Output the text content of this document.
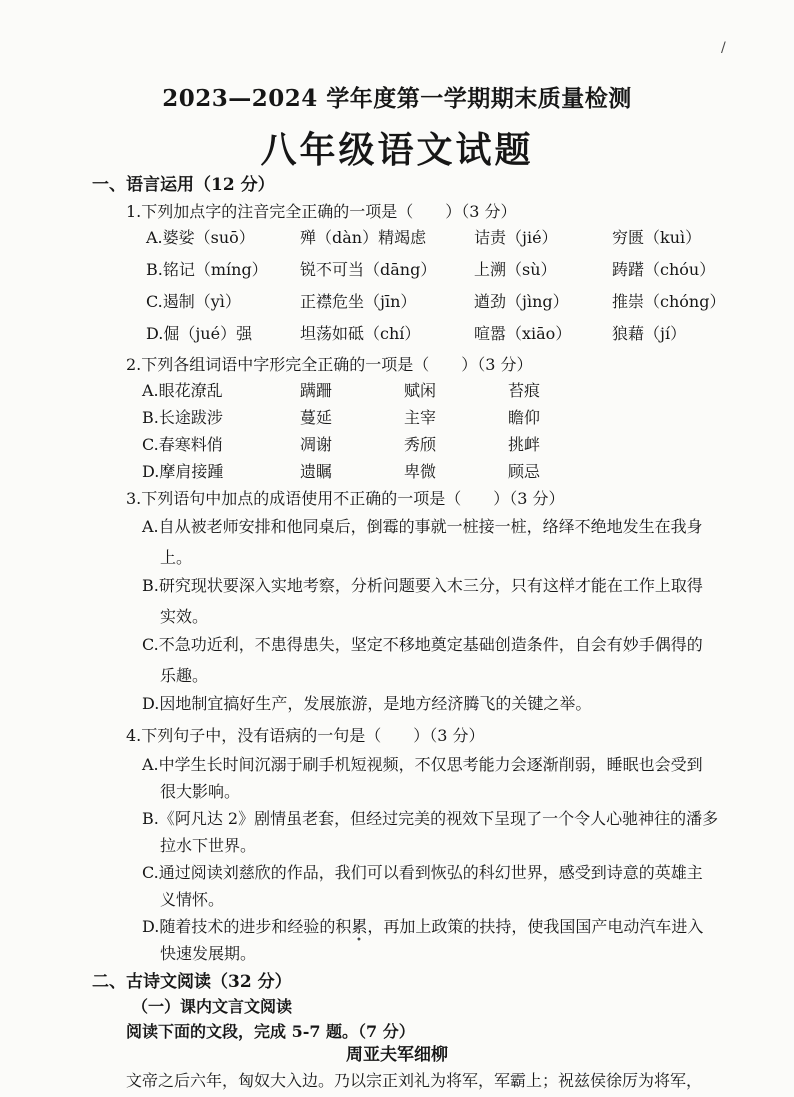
2023—2024 学年度第一学期期末质量检测
八年级语文试题
一、语言运用（12 分）
1.下列加点字的注音完全正确的一项是（　　）（3 分）
A.婆娑（suō）	殚（dàn）精竭虑	诘责（jié）	穷匮（kuì）
B.铭记（míng）	锐不可当（dāng）	上溯（sù）	踌躇（chóu）
C.遏制（yì）	正襟危坐（jīn）	遒劲（jìng）	推崇（chóng）
D.倔（jué）强	坦荡如砥（chí）	喧嚣（xiāo）	狼藉（jí）
2.下列各组词语中字形完全正确的一项是（　　）（3 分）
A.眼花潦乱	蹒跚	赋闲	苔痕
B.长途跋涉	蔓延	主宰	瞻仰
C.春寒料俏	凋谢	秀颀	挑衅
D.摩肩接踵	遗瞩	卑微	顾忌
3.下列语句中加点的成语使用不正确的一项是（　　）（3 分）
A.自从被老师安排和他同桌后，倒霉的事就一桩接一桩，络绎不绝地发生在我身
上。
B.研究现状要深入实地考察，分析问题要入木三分，只有这样才能在工作上取得
实效。
C.不急功近利，不患得患失，坚定不移地奠定基础创造条件，自会有妙手偶得的
乐趣。
D.因地制宜搞好生产，发展旅游，是地方经济腾飞的关键之举。
4.下列句子中，没有语病的一句是（　　）（3 分）
A.中学生长时间沉溺于刷手机短视频，不仅思考能力会逐渐削弱，睡眠也会受到
很大影响。
B.《阿凡达 2》剧情虽老套，但经过完美的视效下呈现了一个令人心驰神往的潘多
拉水下世界。
C.通过阅读刘慈欣的作品，我们可以看到恢弘的科幻世界，感受到诗意的英雄主
义情怀。
D.随着技术的进步和经验的积累，再加上政策的扶持，使我国国产电动汽车进入
快速发展期。
二、古诗文阅读（32 分）
（一）课内文言文阅读
阅读下面的文段，完成 5-7 题。（7 分）
周亚夫军细柳
文帝之后六年，匈奴大入边。乃以宗正刘礼为将军，军霸上；祝兹侯徐厉为将军，
/
•
